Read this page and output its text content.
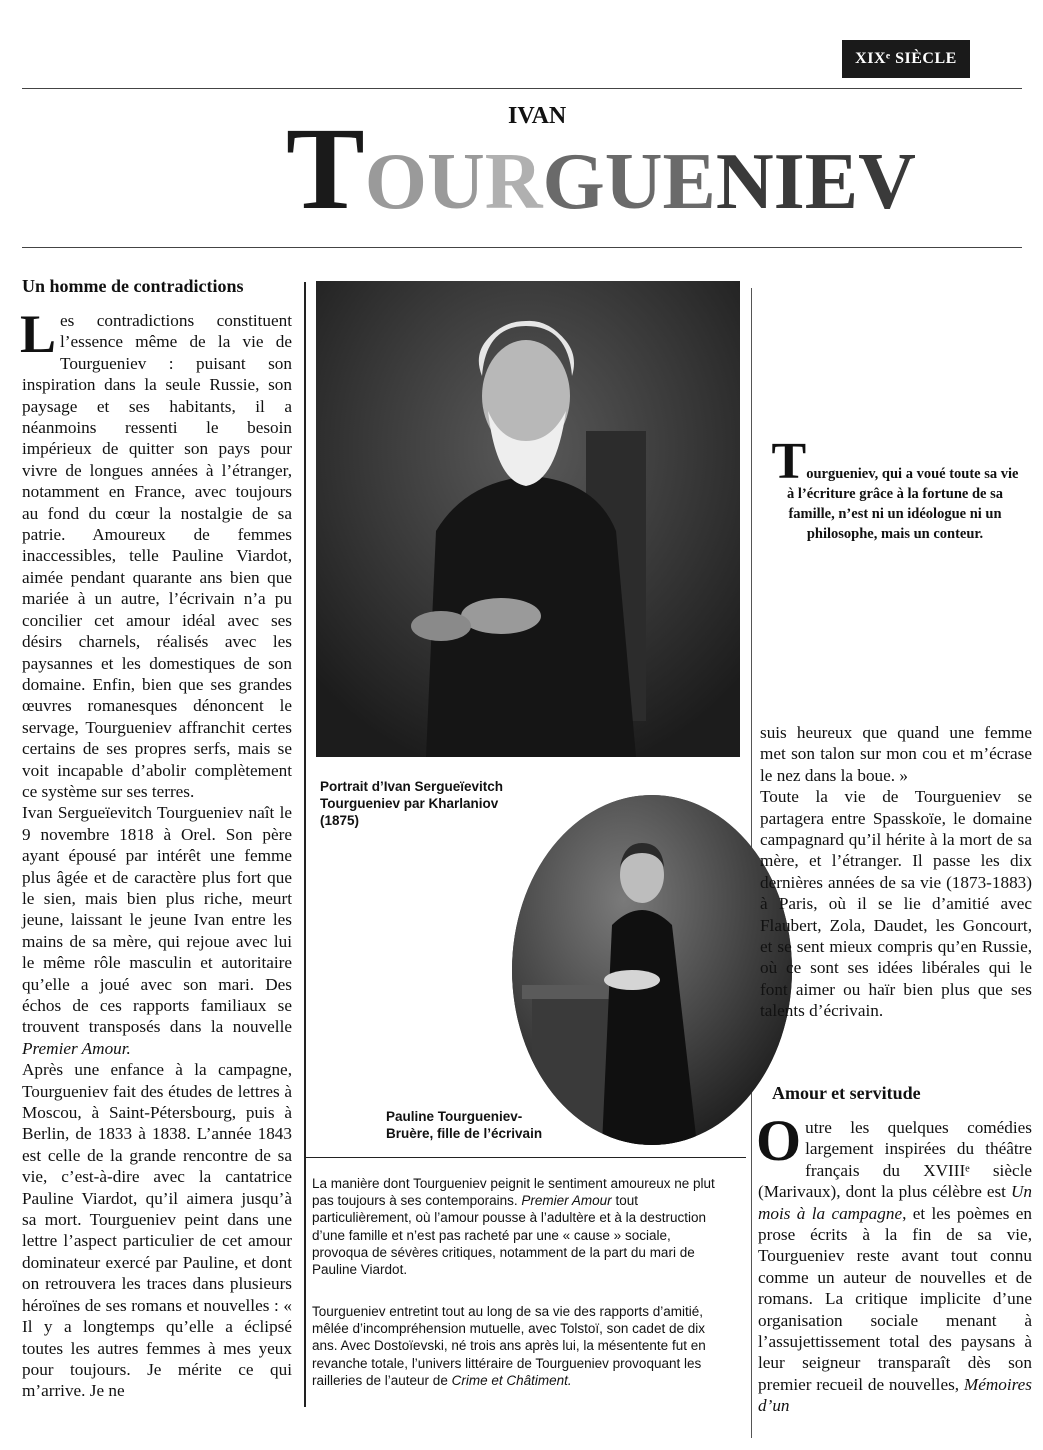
XIXᵉ SIÈCLE
IVAN
TOURGUENIEV
Un homme de contradictions

Les contradictions constituent l’essence même de la vie de Tourgueniev : puisant son inspiration dans la seule Russie, son paysage et ses habitants, il a néanmoins ressenti le besoin impérieux de quitter son pays pour vivre de longues années à l’étranger, notamment en France, avec toujours au fond du cœur la nostalgie de sa patrie. Amoureux de femmes inaccessibles, telle Pauline Viardot, aimée pendant quarante ans bien que mariée à un autre, l’écrivain n’a pu concilier cet amour idéal avec ses désirs charnels, réalisés avec les paysannes et les domestiques de son domaine. Enfin, bien que ses grandes œuvres romanesques dénoncent le servage, Tourgueniev affranchit certes certains de ses propres serfs, mais se voit incapable d’abolir complètement ce système sur ses terres.

Ivan Sergueïevitch Tourgueniev naît le 9 novembre 1818 à Orel. Son père ayant épousé par intérêt une femme plus âgée et de caractère plus fort que le sien, mais bien plus riche, meurt jeune, laissant le jeune Ivan entre les mains de sa mère, qui rejoue avec lui le même rôle masculin et autoritaire qu’elle a joué avec son mari. Des échos de ces rapports familiaux se trouvent transposés dans la nouvelle Premier Amour.

Après une enfance à la campagne, Tourgueniev fait des études de lettres à Moscou, à Saint-Pétersbourg, puis à Berlin, de 1833 à 1838. L’année 1843 est celle de la grande rencontre de sa vie, c’est-à-dire avec la cantatrice Pauline Viardot, qu’il aimera jusqu’à sa mort. Tourgueniev peint dans une lettre l’aspect particulier de cet amour dominateur exercé par Pauline, et dont on retrouvera les traces dans plusieurs héroïnes de ses romans et nouvelles : « Il y a longtemps qu’elle a éclipsé toutes les autres femmes à mes yeux pour toujours. Je mérite ce qui m’arrive. Je ne

Portrait d’Ivan Sergueïevitch Tourgueniev par Kharlaniov (1875)
Pauline Tourgueniev-Bruère, fille de l’écrivain
La manière dont Tourgueniev peignit le sentiment amoureux ne plut pas toujours à ses contemporains. Premier Amour tout particulièrement, où l’amour pousse à l’adultère et à la destruction d’une famille et n’est pas racheté par une « cause » sociale, provoqua de sévères critiques, notamment de la part du mari de Pauline Viardot.
Tourgueniev entretint tout au long de sa vie des rapports d’amitié, mêlée d’incompréhension mutuelle, avec Tolstoï, son cadet de dix ans. Avec Dostoïevski, né trois ans après lui, la mésentente fut en revanche totale, l’univers littéraire de Tourgueniev provoquant les railleries de l’auteur de Crime et Châtiment.
Tourgueniev, qui a voué toute sa vie à l’écriture grâce à la fortune de sa famille, n’est ni un idéologue ni un philosophe, mais un conteur.

suis heureux que quand une femme met son talon sur mon cou et m’écrase le nez dans la boue. »

Toute la vie de Tourgueniev se partagera entre Spasskoïe, le domaine campagnard qu’il hérite à la mort de sa mère, et l’étranger. Il passe les dix dernières années de sa vie (1873-1883) à Paris, où il se lie d’amitié avec Flaubert, Zola, Daudet, les Goncourt, et se sent mieux compris qu’en Russie, où ce sont ses idées libérales qui le font aimer ou haïr bien plus que ses talents d’écrivain.

Amour et servitude

Outre les quelques comédies largement inspirées du théâtre français du XVIIIᵉ siècle (Marivaux), dont la plus célèbre est Un mois à la campagne, et les poèmes en prose écrits à la fin de sa vie, Tourgueniev reste avant tout connu comme un auteur de nouvelles et de romans. La critique implicite d’une organisation sociale menant à l’assujettissement total des paysans à leur seigneur transparaît dès son premier recueil de nouvelles, Mémoires d’un
